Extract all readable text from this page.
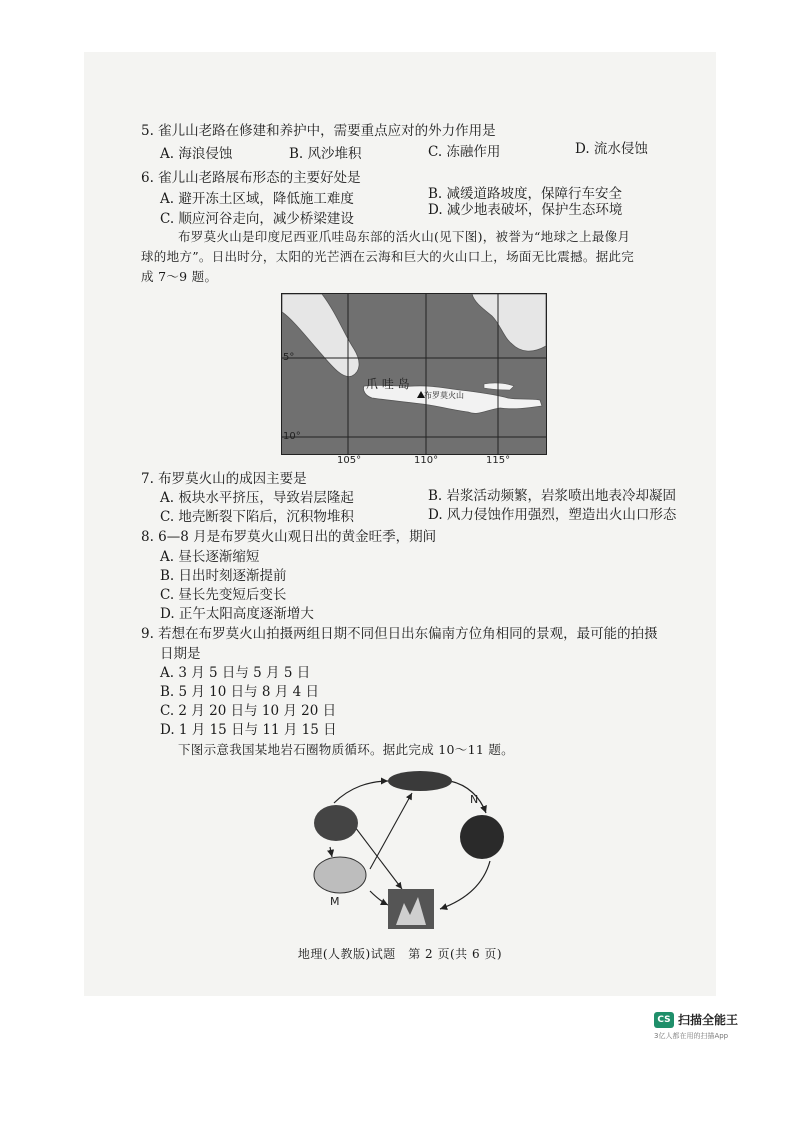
5. 雀儿山老路在修建和养护中，需要重点应对的外力作用是
A. 海浪侵蚀	B. 风沙堆积	C. 冻融作用	D. 流水侵蚀
6. 雀儿山老路展布形态的主要好处是
A. 避开冻土区域，降低施工难度	B. 减缓道路坡度，保障行车安全
C. 顺应河谷走向，减少桥梁建设
D. 减少地表破坏，保护生态环境
布罗莫火山是印度尼西亚爪哇岛东部的活火山(见下图)，被誉为“地球之上最像月
球的地方”。日出时分，太阳的光芒洒在云海和巨大的火山口上，场面无比震撼。据此完
成 7～9 题。
5°
10°
105°	110°	115°
爪 哇 岛
布罗莫火山
7. 布罗莫火山的成因主要是
A. 板块水平挤压，导致岩层隆起	B. 岩浆活动频繁，岩浆喷出地表冷却凝固
C. 地壳断裂下陷后，沉积物堆积	D. 风力侵蚀作用强烈，塑造出火山口形态
8. 6—8 月是布罗莫火山观日出的黄金旺季，期间
A. 昼长逐渐缩短
B. 日出时刻逐渐提前
C. 昼长先变短后变长
D. 正午太阳高度逐渐增大
9. 若想在布罗莫火山拍摄两组日期不同但日出东偏南方位角相同的景观，最可能的拍摄
日期是
A. 3 月 5 日与 5 月 5 日
B. 5 月 10 日与 8 月 4 日
C. 2 月 20 日与 10 月 20 日
D. 1 月 15 日与 11 月 15 日
下图示意我国某地岩石圈物质循环。据此完成 10～11 题。
N
M
地理(人教版)试题　第 2 页(共 6 页)
CS 扫描全能王
3亿人都在用的扫描App
